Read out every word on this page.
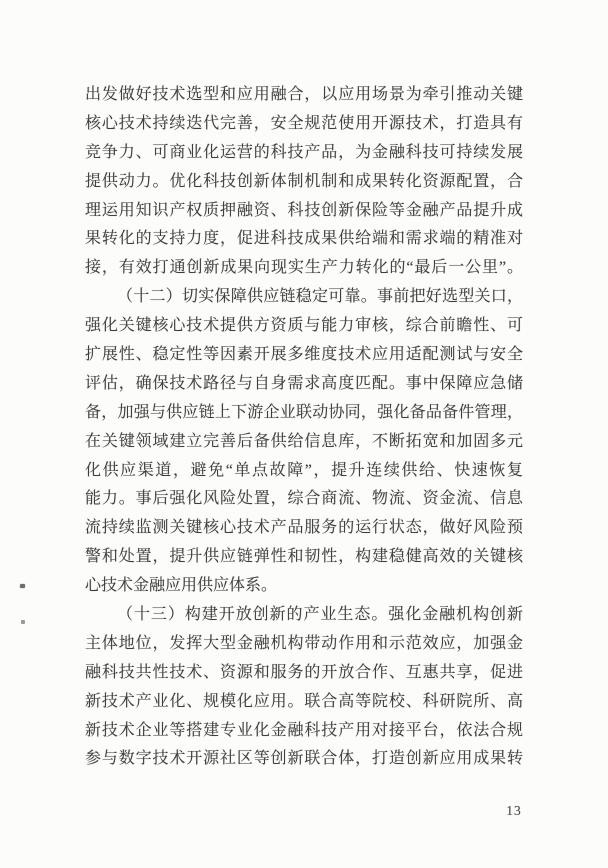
出发做好技术选型和应用融合，以应用场景为牵引推动关键
核心技术持续迭代完善，安全规范使用开源技术，打造具有
竞争力、可商业化运营的科技产品，为金融科技可持续发展
提供动力。优化科技创新体制机制和成果转化资源配置，合
理运用知识产权质押融资、科技创新保险等金融产品提升成
果转化的支持力度，促进科技成果供给端和需求端的精准对
接，有效打通创新成果向现实生产力转化的“最后一公里”。
（十二）切实保障供应链稳定可靠。事前把好选型关口，
强化关键核心技术提供方资质与能力审核，综合前瞻性、可
扩展性、稳定性等因素开展多维度技术应用适配测试与安全
评估，确保技术路径与自身需求高度匹配。事中保障应急储
备，加强与供应链上下游企业联动协同，强化备品备件管理，
在关键领域建立完善后备供给信息库，不断拓宽和加固多元
化供应渠道，避免“单点故障”，提升连续供给、快速恢复
能力。事后强化风险处置，综合商流、物流、资金流、信息
流持续监测关键核心技术产品服务的运行状态，做好风险预
警和处置，提升供应链弹性和韧性，构建稳健高效的关键核
心技术金融应用供应体系。
（十三）构建开放创新的产业生态。强化金融机构创新
主体地位，发挥大型金融机构带动作用和示范效应，加强金
融科技共性技术、资源和服务的开放合作、互惠共享，促进
新技术产业化、规模化应用。联合高等院校、科研院所、高
新技术企业等搭建专业化金融科技产用对接平台，依法合规
参与数字技术开源社区等创新联合体，打造创新应用成果转
13
